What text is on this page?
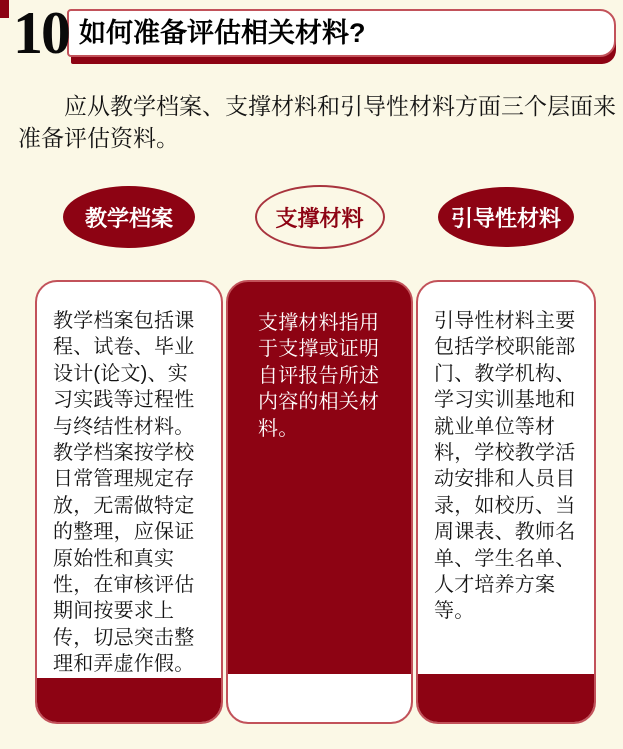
10 如何准备评估相关材料?

应从教学档案、支撑材料和引导性材料方面三个层面来准备评估资料。

教学档案	支撑材料	引导性材料
教学档案包括课程、试卷、毕业设计(论文)、实习实践等过程性与终结性材料。教学档案按学校日常管理规定存放，无需做特定的整理，应保证原始性和真实性，在审核评估期间按要求上传，切忌突击整理和弄虚作假。
支撑材料指用于支撑或证明自评报告所述内容的相关材料。
引导性材料主要包括学校职能部门、教学机构、学习实训基地和就业单位等材料，学校教学活动安排和人员目录，如校历、当周课表、教师名单、学生名单、人才培养方案等。
